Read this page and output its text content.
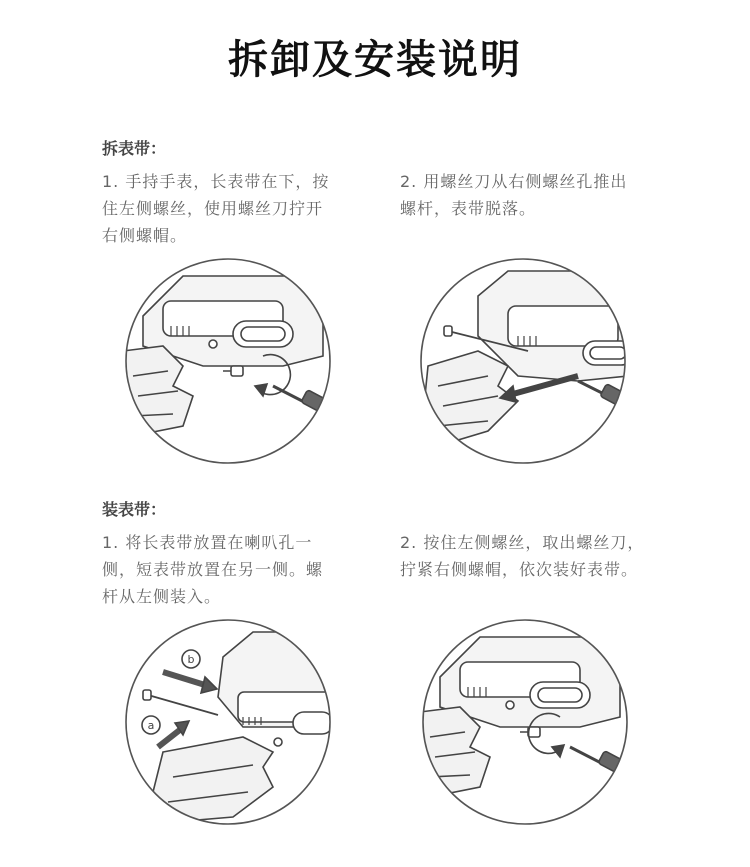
拆卸及安装说明
拆表带：
1. 手持手表，长表带在下，按
住左侧螺丝，使用螺丝刀拧开
右侧螺帽。
2. 用螺丝刀从右侧螺丝孔推出
螺杆，表带脱落。
装表带：
1. 将长表带放置在喇叭孔一
侧，短表带放置在另一侧。螺
杆从左侧装入。
2. 按住左侧螺丝，取出螺丝刀，
拧紧右侧螺帽，依次装好表带。
b
a
